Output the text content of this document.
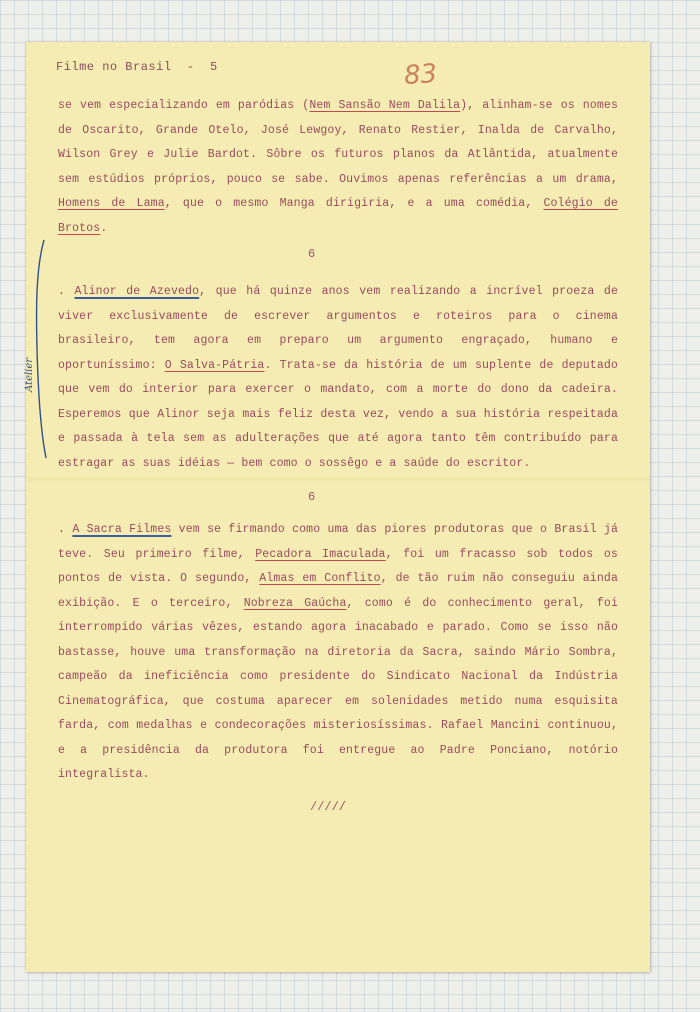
Filme no Brasil  -  5	83

se vem especializando em paródias (Nem Sansão Nem Dalila), alinham-se os nomes de Oscarito, Grande Otelo, José Lewgoy, Renato Restier, Inalda de Carvalho, Wilson Grey e Julie Bardot. Sôbre os futuros planos da Atlântida, atualmente sem estúdios próprios, pouco se sabe. Ouvimos apenas referências a um drama, Homens de Lama, que o mesmo Manga dirigiria, e a uma comédia, Colégio de Brotos.

6

. Alinor de Azevedo, que há quinze anos vem realizando a incrível proeza de viver exclusivamente de escrever argumentos e roteiros para o cinema brasileiro, tem agora em preparo um argumento engraçado, humano e oportuníssimo: O Salva-Pátria. Trata-se da história de um suplente de deputado que vem do interior para exercer o mandato, com a morte do dono da cadeira. Esperemos que Alinor seja mais feliz desta vez, vendo a sua história respeitada e passada à tela sem as adulterações que até agora tanto têm contribuído para estragar as suas idéias — bem como o sossêgo e a saúde do escritor.

6

. A Sacra Filmes vem se firmando como uma das piores produtoras que o Brasil já teve. Seu primeiro filme, Pecadora Imaculada, foi um fracasso sob todos os pontos de vista. O segundo, Almas em Conflito, de tão ruim não conseguiu ainda exibição. E o terceiro, Nobreza Gaúcha, como é do conhecimento geral, foi interrompido várias vêzes, estando agora inacabado e parado. Como se isso não bastasse, houve uma transformação na diretoria da Sacra, saindo Mário Sombra, campeão da ineficiência como presidente do Sindicato Nacional da Indústria Cinematográfica, que costuma aparecer em solenidades metido numa esquisita farda, com medalhas e condecorações misteriosíssimas. Rafael Mancini continuou, e a presidência da produtora foi entregue ao Padre Ponciano, notório integralista.

/////
Atelier
